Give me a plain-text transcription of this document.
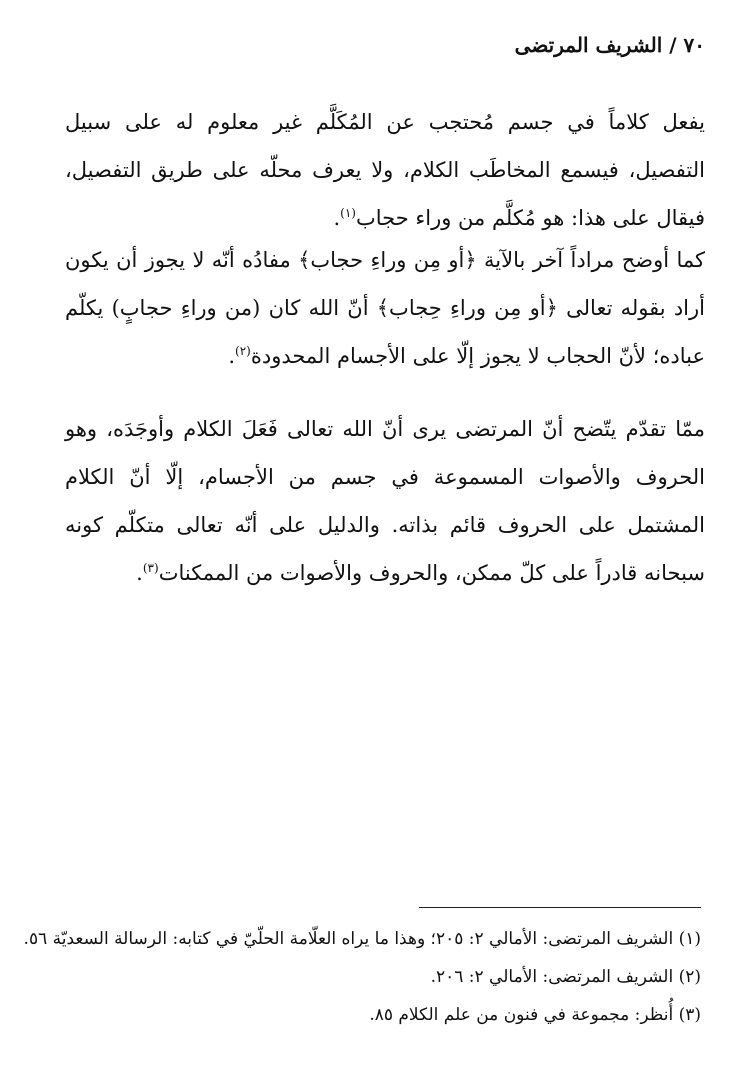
٧٠ / الشريف المرتضى
يفعل كلاماً في جسم مُحتجب عن المُكَلَّم غير معلوم له على سبيل التفصيل، فيسمع المخاطَب الكلام، ولا يعرف محلّه على طريق التفصيل، فيقال على هذا: هو مُكلَّم من وراء حجاب$^{(١)}$.
كما أوضح مراداً آخر بالآية ﴿أو مِن وراءِ حجاب﴾ مفادُه أنّه لا يجوز أن يكون أراد بقوله تعالى ﴿أو مِن وراءِ حِجاب﴾ أنّ الله كان (من وراءِ حجابٍ) يكلّم عباده؛ لأنّ الحجاب لا يجوز إلّا على الأجسام المحدودة$^{(٢)}$.
ممّا تقدّم يتّضح أنّ المرتضى يرى أنّ الله تعالى فَعَلَ الكلام وأوجَدَه، وهو الحروف والأصوات المسموعة في جسم من الأجسام، إلّا أنّ الكلام المشتمل على الحروف قائم بذاته. والدليل على أنّه تعالى متكلّم كونه سبحانه قادراً على كلّ ممكن، والحروف والأصوات من الممكنات$^{(٣)}$.
(١) الشريف المرتضى: الأمالي ٢: ٢٠٥؛ وهذا ما يراه العلّامة الحلّيّ في كتابه: الرسالة السعديّة ٥٦.
(٢) الشريف المرتضى: الأمالي ٢: ٢٠٦.
(٣) أُنظر: مجموعة في فنون من علم الكلام ٨٥.
